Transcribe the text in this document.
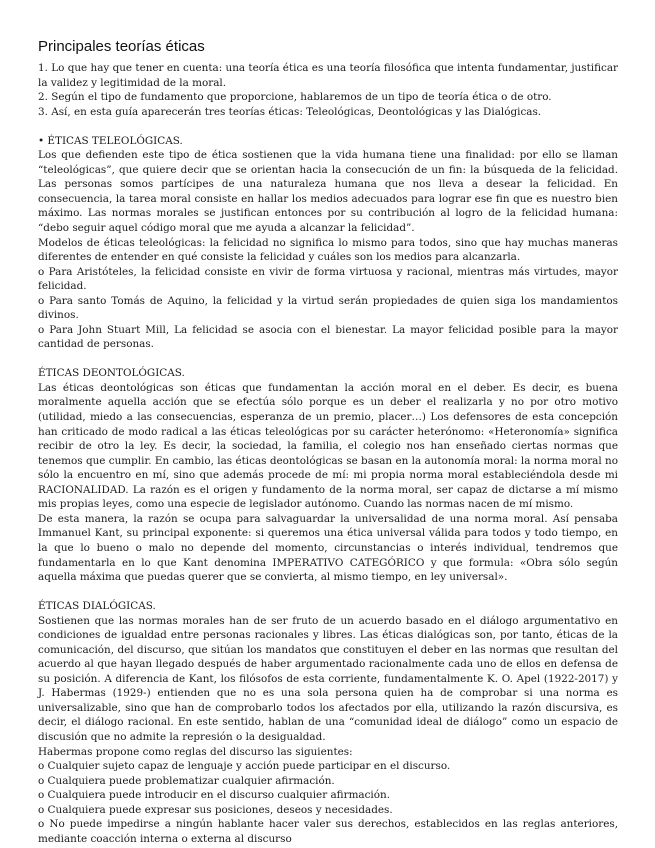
Principales teorías éticas

1. Lo que hay que tener en cuenta: una teoría ética es una teoría filosófica que intenta fundamentar, justificar la validez y legitimidad de la moral.

2. Según el tipo de fundamento que proporcione, hablaremos de un tipo de teoría ética o de otro.

3. Así, en esta guía aparecerán tres teorías éticas: Teleológicas, Deontológicas y las Dialógicas.

• ÉTICAS TELEOLÓGICAS.

Los que defienden este tipo de ética sostienen que la vida humana tiene una finalidad: por ello se llaman “teleológicas”, que quiere decir que se orientan hacia la consecución de un fin: la búsqueda de la felicidad. Las personas somos partícipes de una naturaleza humana que nos lleva a desear la felicidad. En consecuencia, la tarea moral consiste en hallar los medios adecuados para lograr ese fin que es nuestro bien máximo. Las normas morales se justifican entonces por su contribución al logro de la felicidad humana: “debo seguir aquel código moral que me ayuda a alcanzar la felicidad”.

Modelos de éticas teleológicas: la felicidad no significa lo mismo para todos, sino que hay muchas maneras diferentes de entender en qué consiste la felicidad y cuáles son los medios para alcanzarla.

o Para Aristóteles, la felicidad consiste en vivir de forma virtuosa y racional, mientras más virtudes, mayor felicidad.

o Para santo Tomás de Aquino, la felicidad y la virtud serán propiedades de quien siga los mandamientos divinos.

o Para John Stuart Mill, La felicidad se asocia con el bienestar. La mayor felicidad posible para la mayor cantidad de personas.

ÉTICAS DEONTOLÓGICAS.

Las éticas deontológicas son éticas que fundamentan la acción moral en el deber. Es decir, es buena moralmente aquella acción que se efectúa sólo porque es un deber el realizarla y no por otro motivo (utilidad, miedo a las consecuencias, esperanza de un premio, placer…) Los defensores de esta concepción han criticado de modo radical a las éticas teleológicas por su carácter heterónomo: «Heteronomía» significa recibir de otro la ley. Es decir, la sociedad, la familia, el colegio nos han enseñado ciertas normas que tenemos que cumplir. En cambio, las éticas deontológicas se basan en la autonomía moral: la norma moral no sólo la encuentro en mí, sino que además procede de mí: mi propia norma moral estableciéndola desde mi RACIONALIDAD. La razón es el origen y fundamento de la norma moral, ser capaz de dictarse a mí mismo mis propias leyes, como una especie de legislador autónomo. Cuando las normas nacen de mí mismo.

De esta manera, la razón se ocupa para salvaguardar la universalidad de una norma moral. Así pensaba Immanuel Kant, su principal exponente: si queremos una ética universal válida para todos y todo tiempo, en la que lo bueno o malo no depende del momento, circunstancias o interés individual, tendremos que fundamentarla en lo que Kant denomina IMPERATIVO CATEGÓRICO y que formula: «Obra sólo según aquella máxima que puedas querer que se convierta, al mismo tiempo, en ley universal».

ÉTICAS DIALÓGICAS.

Sostienen que las normas morales han de ser fruto de un acuerdo basado en el diálogo argumentativo en condiciones de igualdad entre personas racionales y libres. Las éticas dialógicas son, por tanto, éticas de la comunicación, del discurso, que sitúan los mandatos que constituyen el deber en las normas que resultan del acuerdo al que hayan llegado después de haber argumentado racionalmente cada uno de ellos en defensa de su posición. A diferencia de Kant, los filósofos de esta corriente, fundamentalmente K. O. Apel (1922-2017) y J. Habermas (1929-) entienden que no es una sola persona quien ha de comprobar si una norma es universalizable, sino que han de comprobarlo todos los afectados por ella, utilizando la razón discursiva, es decir, el diálogo racional. En este sentido, hablan de una “comunidad ideal de diálogo” como un espacio de discusión que no admite la represión o la desigualdad.

Habermas propone como reglas del discurso las siguientes:

o Cualquier sujeto capaz de lenguaje y acción puede participar en el discurso.

o Cualquiera puede problematizar cualquier afirmación.

o Cualquiera puede introducir en el discurso cualquier afirmación.

o Cualquiera puede expresar sus posiciones, deseos y necesidades.

o No puede impedirse a ningún hablante hacer valer sus derechos, establecidos en las reglas anteriores, mediante coacción interna o externa al discurso
